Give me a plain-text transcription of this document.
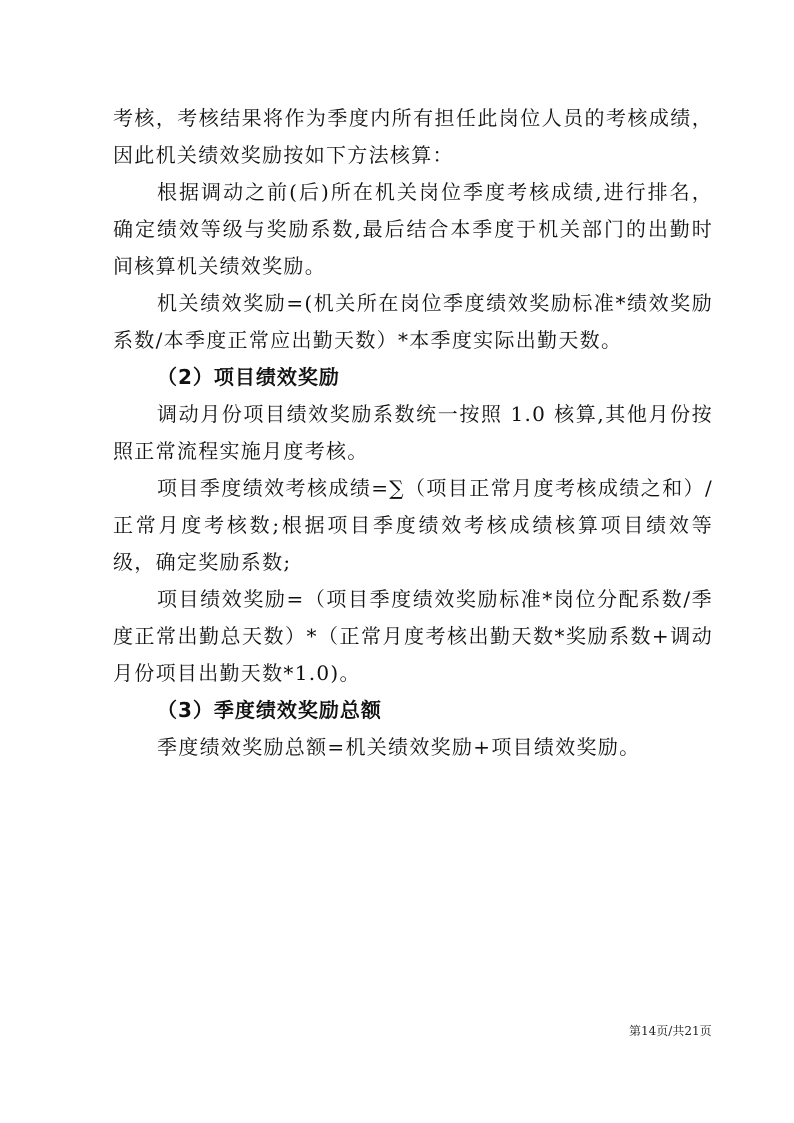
考核，考核结果将作为季度内所有担任此岗位人员的考核成绩，因此机关绩效奖励按如下方法核算：

根据调动之前(后)所在机关岗位季度考核成绩,进行排名，确定绩效等级与奖励系数,最后结合本季度于机关部门的出勤时间核算机关绩效奖励。

机关绩效奖励=(机关所在岗位季度绩效奖励标准*绩效奖励系数/本季度正常应出勤天数）*本季度实际出勤天数。

（2）项目绩效奖励

调动月份项目绩效奖励系数统一按照 1.0 核算,其他月份按照正常流程实施月度考核。

项目季度绩效考核成绩=∑（项目正常月度考核成绩之和）/正常月度考核数;根据项目季度绩效考核成绩核算项目绩效等级，确定奖励系数;

项目绩效奖励=（项目季度绩效奖励标准*岗位分配系数/季度正常出勤总天数）*（正常月度考核出勤天数*奖励系数+调动月份项目出勤天数*1.0)。

（3）季度绩效奖励总额

季度绩效奖励总额=机关绩效奖励+项目绩效奖励。

第14页/共21页
